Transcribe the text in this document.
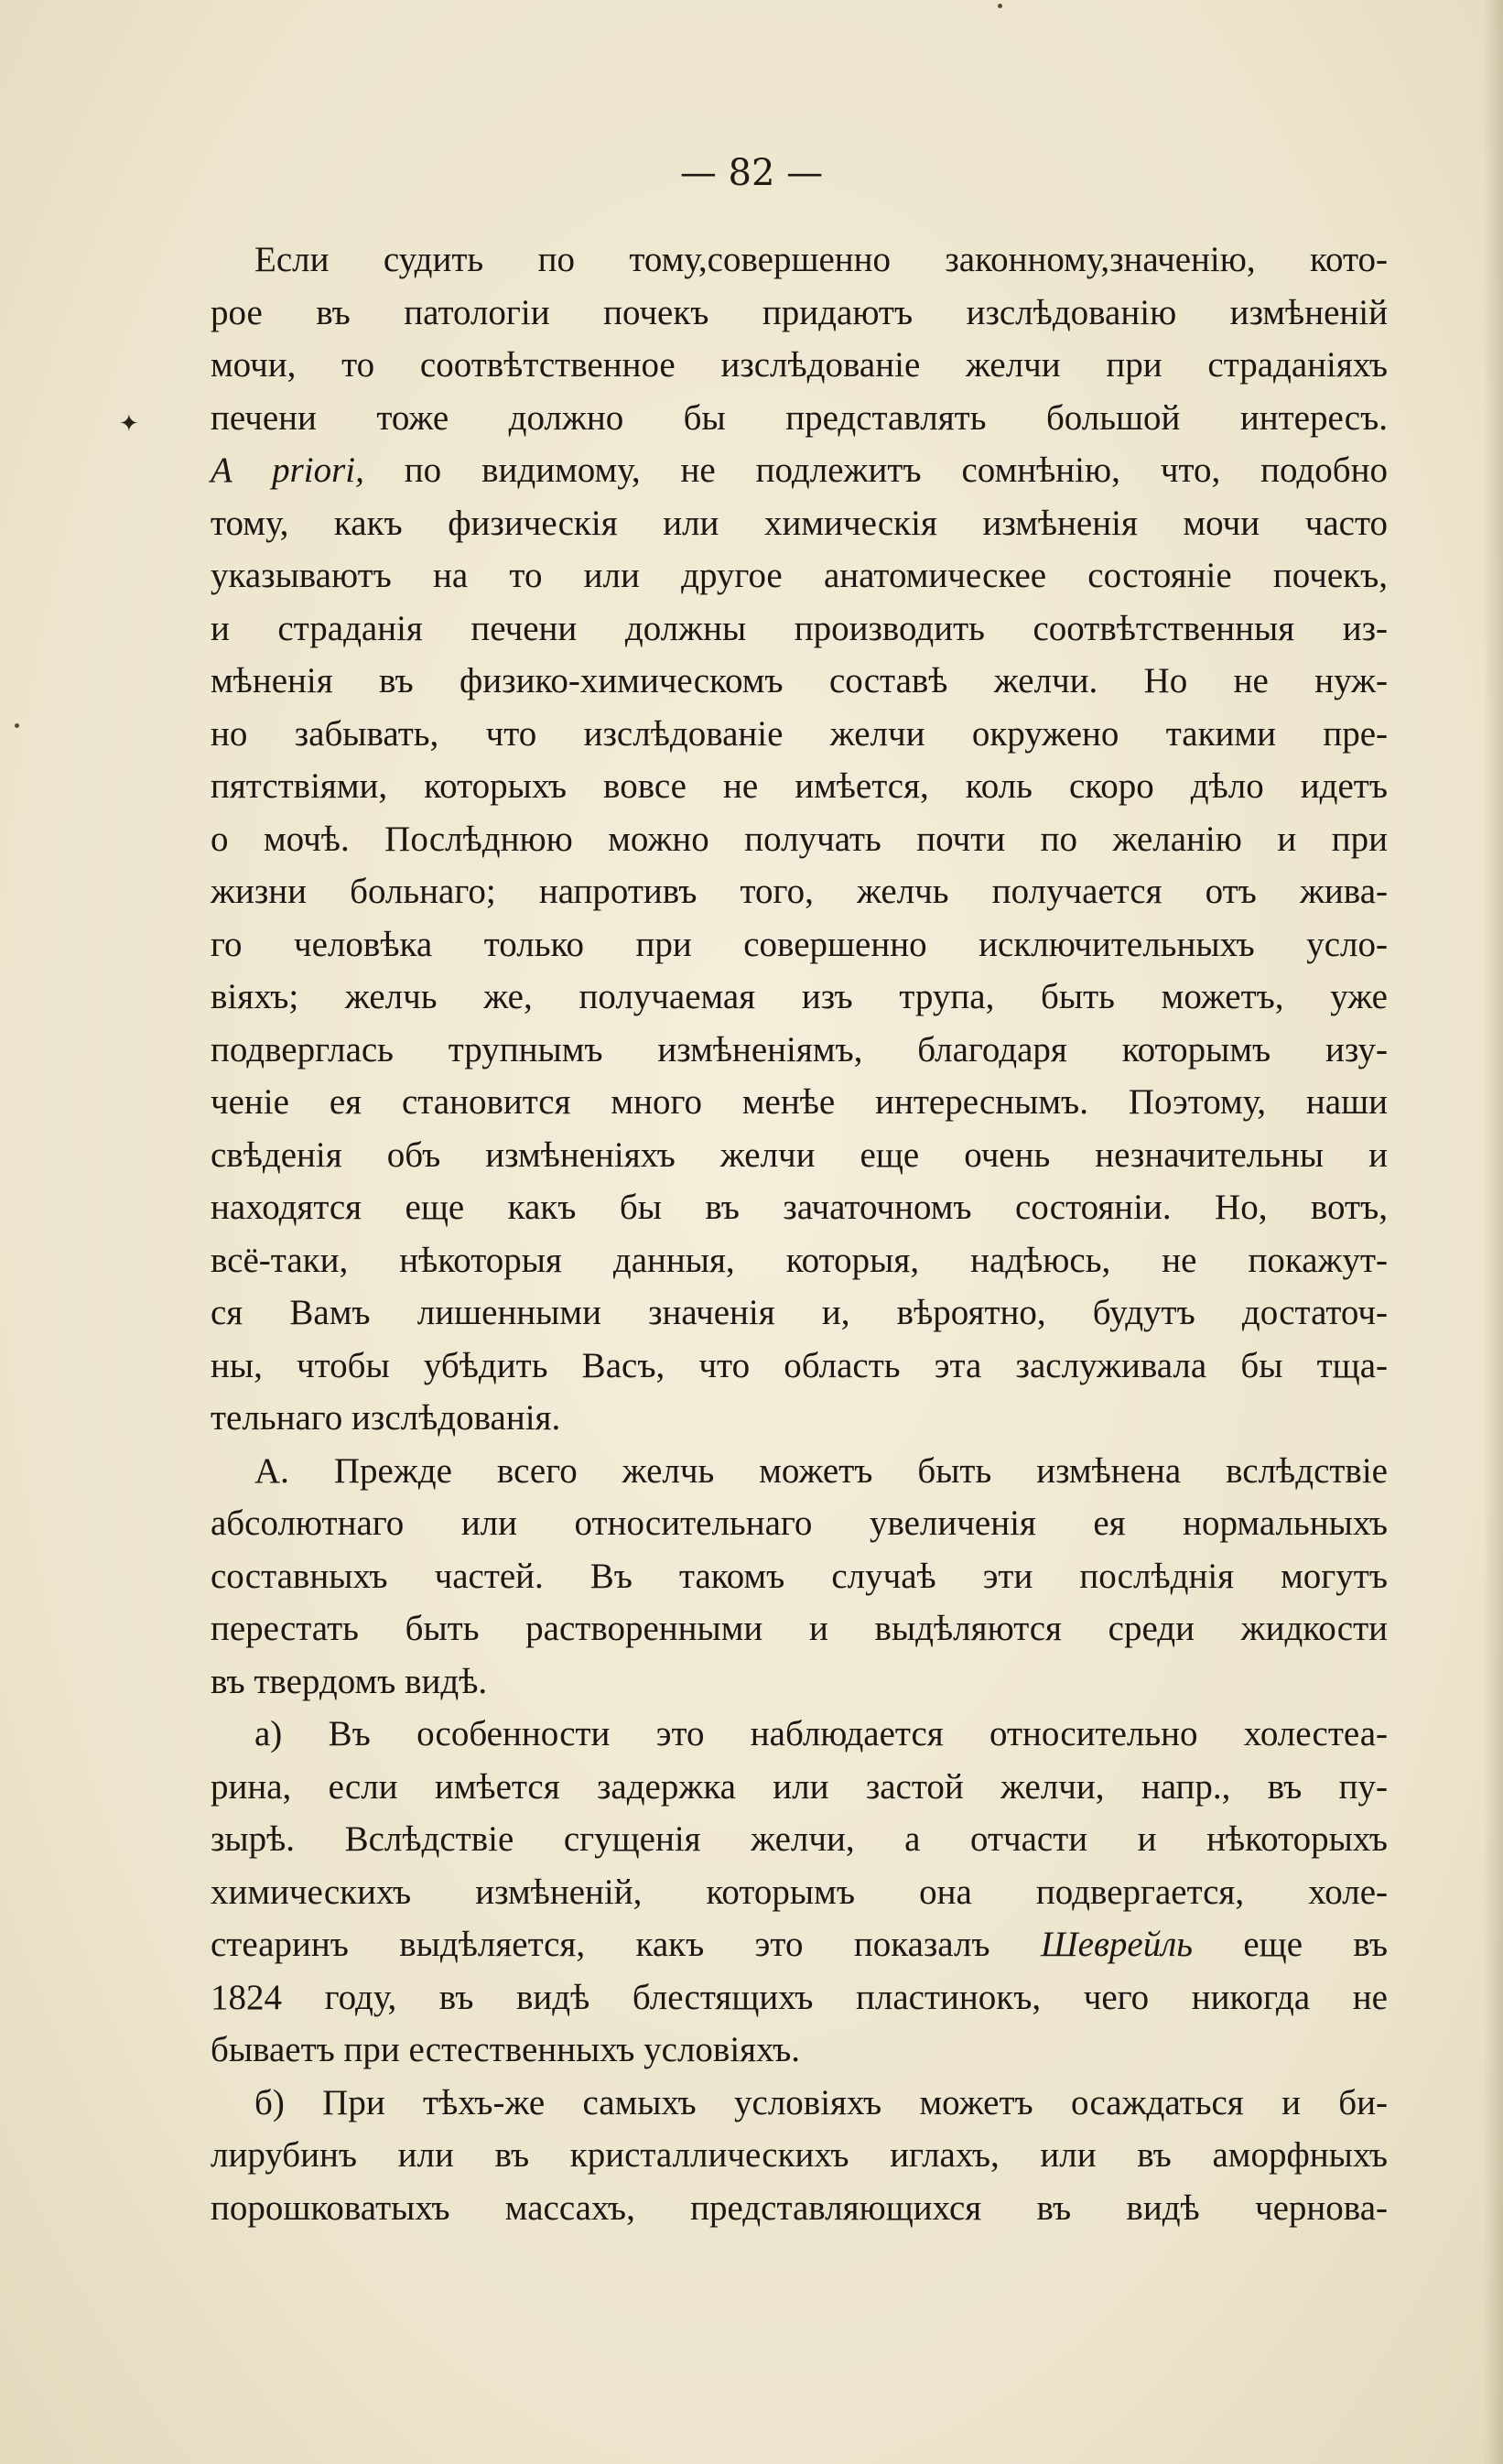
— 82 —
✦
Если судить по тому,совершенно законному,значенію, кото-
рое въ патологіи почекъ придаютъ изслѣдованію измѣненій
мочи, то соотвѣтственное изслѣдованіе желчи при страданіяхъ
печени тоже должно бы представлять большой интересъ.
A priori, по видимому, не подлежитъ сомнѣнію, что, подобно
тому, какъ физическія или химическія измѣненія мочи часто
указываютъ на то или другое анатомическее состояніе почекъ,
и страданія печени должны производить соотвѣтственныя из-
мѣненія въ физико-химическомъ составѣ желчи. Но не нуж-
но забывать, что изслѣдованіе желчи окружено такими пре-
пятствіями, которыхъ вовсе не имѣется, коль скоро дѣло идетъ
о мочѣ. Послѣднюю можно получать почти по желанію и при
жизни больнаго; напротивъ того, желчь получается отъ жива-
го человѣка только при совершенно исключительныхъ усло-
віяхъ; желчь же, получаемая изъ трупа, быть можетъ, уже
подверглась трупнымъ измѣненіямъ, благодаря которымъ изу-
ченіе ея становится много менѣе интереснымъ. Поэтому, наши
свѣденія объ измѣненіяхъ желчи еще очень незначительны и
находятся еще какъ бы въ зачаточномъ состояніи. Но, вотъ,
всё-таки, нѣкоторыя данныя, которыя, надѣюсь, не покажут-
ся Вамъ лишенными значенія и, вѣроятно, будутъ достаточ-
ны, чтобы убѣдить Васъ, что область эта заслуживала бы тща-
тельнаго изслѣдованія.
А. Прежде всего желчь можетъ быть измѣнена вслѣдствіе
абсолютнаго или относительнаго увеличенія ея нормальныхъ
составныхъ частей. Въ такомъ случаѣ эти послѣднія могутъ
перестать быть растворенными и выдѣляются среди жидкости
въ твердомъ видѣ.
а) Въ особенности это наблюдается относительно холестеа-
рина, если имѣется задержка или застой желчи, напр., въ пу-
зырѣ. Вслѣдствіе сгущенія желчи, а отчасти и нѣкоторыхъ
химическихъ измѣненій, которымъ она подвергается, холе-
стеаринъ выдѣляется, какъ это показалъ Шеврейль еще въ
1824 году, въ видѣ блестящихъ пластинокъ, чего никогда не
бываетъ при естественныхъ условіяхъ.
б) При тѣхъ-же самыхъ условіяхъ можетъ осаждаться и би-
лирубинъ или въ кристаллическихъ иглахъ, или въ аморфныхъ
порошковатыхъ массахъ, представляющихся въ видѣ чернова-
